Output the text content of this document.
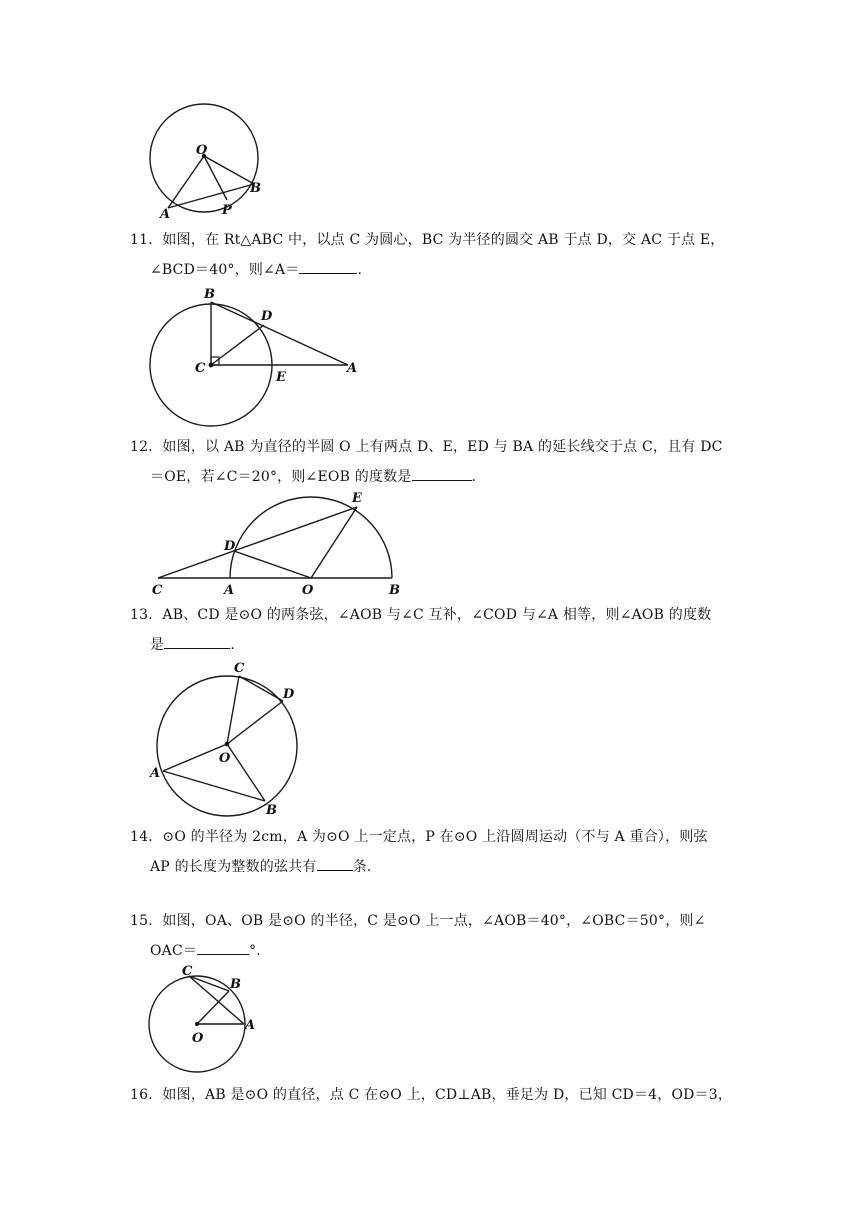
O
A
B
P
11．如图，在 Rt△ABC 中，以点 C 为圆心，BC 为半径的圆交 AB 于点 D，交 AC 于点 E，
∠BCD＝40°，则∠A＝	.
B
D
C
E
A
12．如图，以 AB 为直径的半圆 O 上有两点 D、E，ED 与 BA 的延长线交于点 C，且有 DC
＝OE，若∠C＝20°，则∠EOB 的度数是	.
E
D
C	A	O	B
13．AB、CD 是⊙O 的两条弦，∠AOB 与∠C 互补，∠COD 与∠A 相等，则∠AOB 的度数
是	.
C
D
O
A
B
14．⊙O 的半径为 2cm，A 为⊙O 上一定点，P 在⊙O 上沿圆周运动（不与 A 重合），则弦
AP 的长度为整数的弦共有	条.
15．如图，OA、OB 是⊙O 的半径，C 是⊙O 上一点，∠AOB＝40°，∠OBC＝50°，则∠
OAC＝	°.
C
B
A
O
16．如图，AB 是⊙O 的直径，点 C 在⊙O 上，CD⊥AB，垂足为 D，已知 CD＝4，OD＝3，
